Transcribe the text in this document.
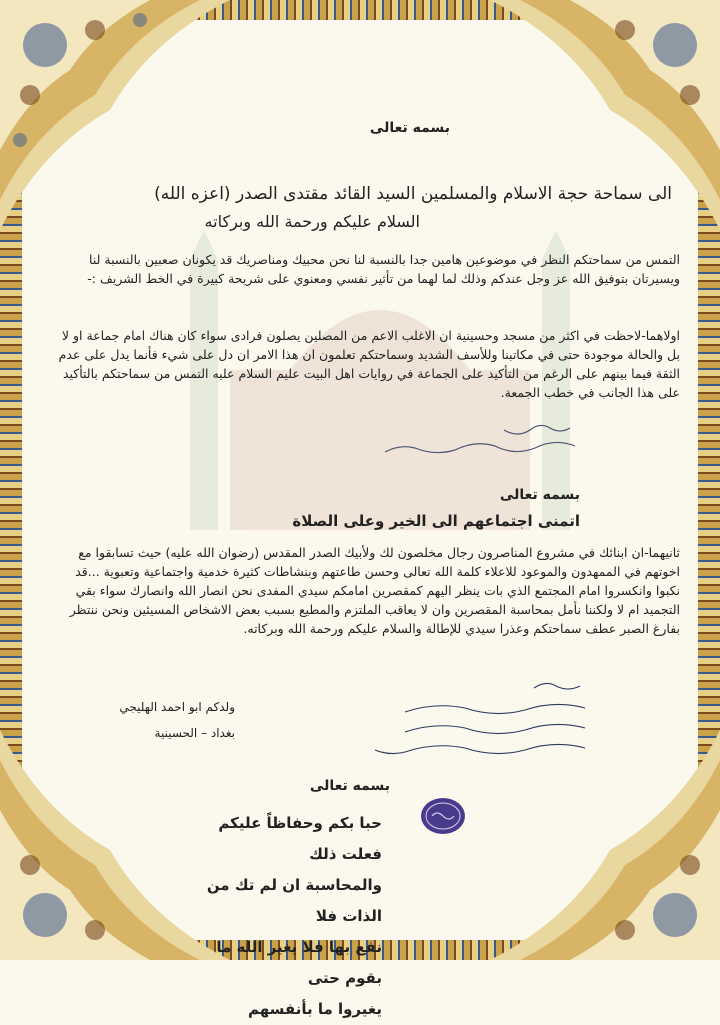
بسمه تعالى
الى سماحة حجة الاسلام والمسلمين السيد القائد مقتدى الصدر (اعزه الله)
السلام عليكم ورحمة الله وبركاته
التمس من سماحتكم النظر في موضوعين هامين جدا بالنسبة لنا نحن محبيك ومناصريك قد يكونان صعبين بالنسبة لنا ويسيرتان بتوفيق الله عز وجل عندكم وذلك لما لهما من تأثير نفسي ومعنوي على شريحة كبيرة في الخط الشريف :-
اولاهما-لاحظت في اكثر من مسجد وحسينية ان الاغلب الاعم من المصلين يصلون فرادى سواء كان هناك امام جماعة او لا بل والحالة موجودة حتى في مكاتبنا وللأسف الشديد وسماحتكم تعلمون ان هذا الامر ان دل على شيء فأنما يدل على عدم الثقة فيما بينهم على الرغم من التأكيد على الجماعة في روايات اهل البيت عليم السلام عليه التمس من سماحتكم بالتأكيد على هذا الجانب في خطب الجمعة.
بسمه تعالى
اتمنى اجتماعهم الى الخير وعلى الصلاة
ثانيهما-ان ابنائك في مشروع المناصرون رجال مخلصون لك ولأبيك الصدر المقدس (رضوان الله عليه) حيث تسابقوا مع اخوتهم في الممهدون والموعود للاعلاء كلمة الله تعالى وحسن طاعتهم وبنشاطات كثيرة خدمية واجتماعية وتعبوية ...قد نكبوا وانكسروا امام المجتمع الذي بات ينظر اليهم كمقصرين امامكم سيدي المفدى نحن انصار الله وانصارك سواء بقي التجميد ام لا ولكننا نأمل بمحاسبة المقصرين وان لا يعاقب الملتزم والمطيع بسبب بعض الاشخاص المسيئين ونحن ننتظر بفارغ الصبر عطف سماحتكم وعذرا سيدي للإطالة والسلام عليكم ورحمة الله وبركاته.
ولدكم ابو احمد الهليجي
بغداد – الحسينية
بسمه تعالى
حبا بكم وحفاظاً عليكم فعلت ذلك
والمحاسبة ان لم تك من الذات فلا
نفع بها فلا يغير الله ما بقوم حتى
يغيروا ما بأنفسهم
